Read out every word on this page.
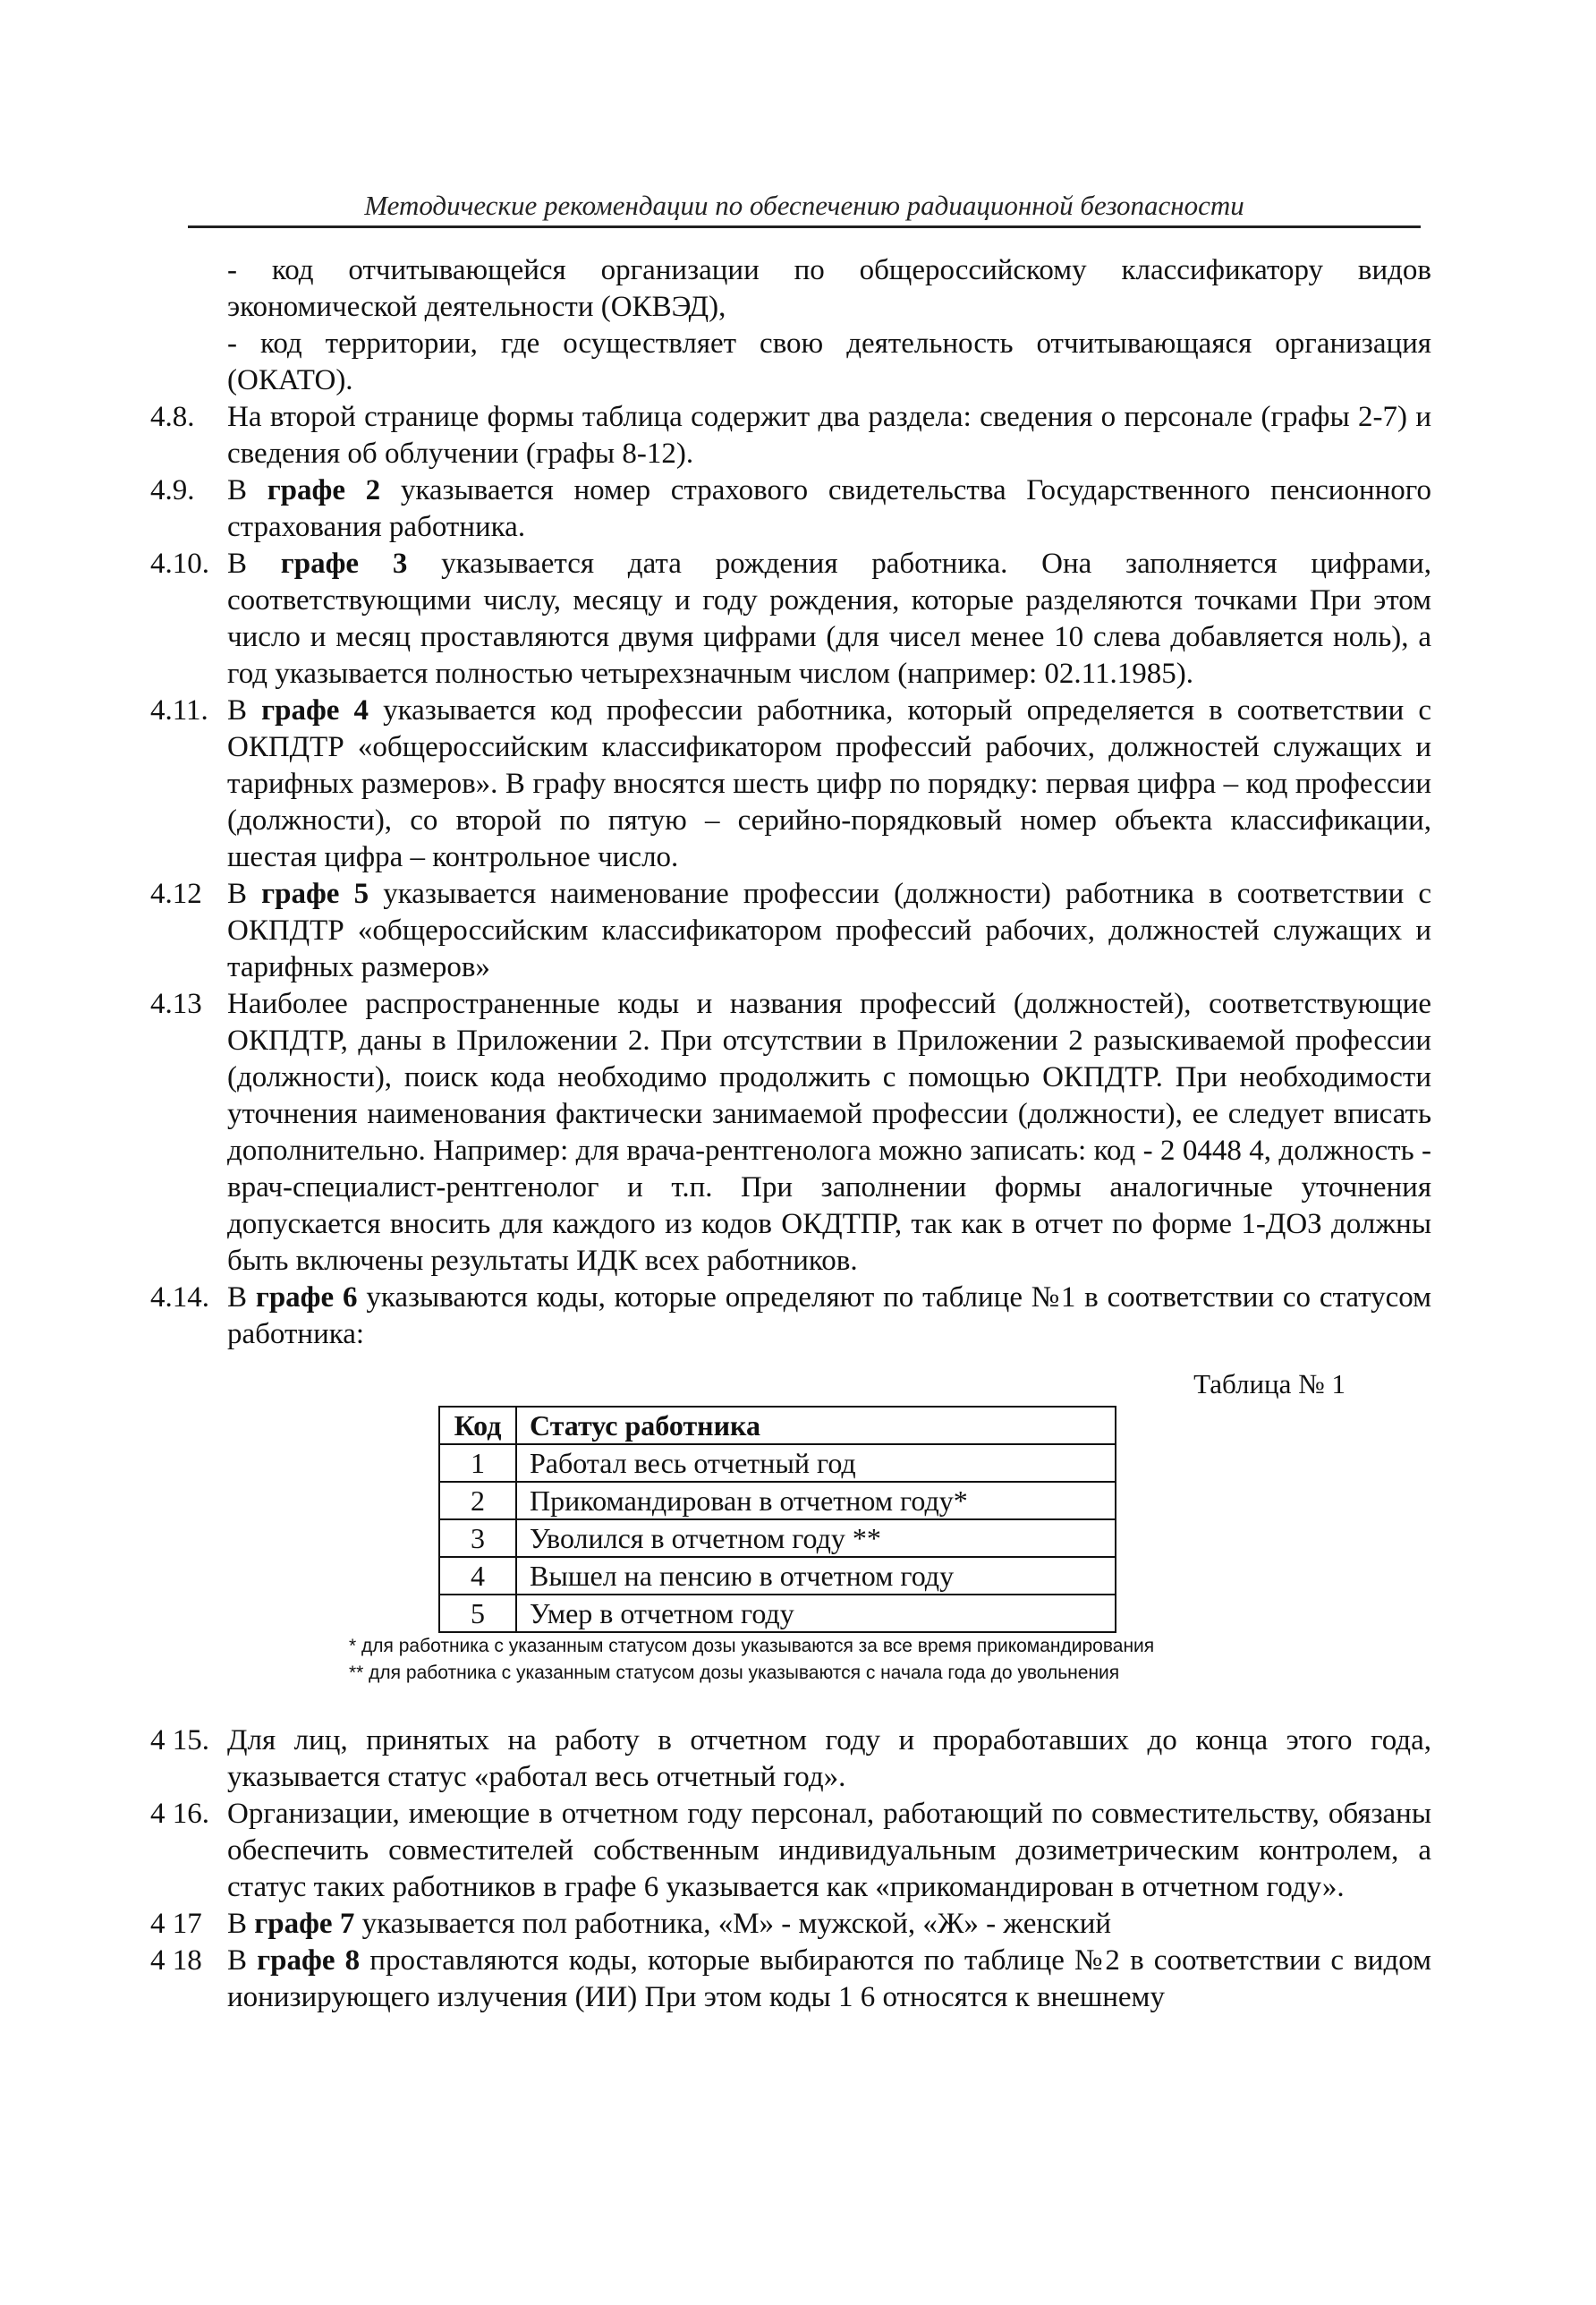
Методические рекомендации по обеспечению радиационной безопасности
- код отчитывающейся организации по общероссийскому классификатору видов экономической деятельности (ОКВЭД),
- код территории, где осуществляет свою деятельность отчитывающаяся организация (ОКАТО).
4.8.	На второй странице формы таблица содержит два раздела: сведения о персонале (графы 2-7) и сведения об облучении (графы 8-12).
4.9.	В графе 2 указывается номер страхового свидетельства Государственного пенсионного страхования работника.
4.10. В графе 3 указывается дата рождения работника. Она заполняется цифрами, соответствующими числу, месяцу и году рождения, которые разделяются точками При этом число и месяц проставляются двумя цифрами (для чисел менее 10 слева добавляется ноль), а год указывается полностью четырехзначным числом (например: 02.11.1985).
4.11. В графе 4 указывается код профессии работника, который определяется в соответствии с ОКПДТР «общероссийским классификатором профессий рабочих, должностей служащих и тарифных размеров». В графу вносятся шесть цифр по порядку: первая цифра – код профессии (должности), со второй по пятую – серийно-порядковый номер объекта классификации, шестая цифра – контрольное число.
4.12 В графе 5 указывается наименование профессии (должности) работника в соответствии с ОКПДТР «общероссийским классификатором профессий рабочих, должностей служащих и тарифных размеров»
4.13 Наиболее распространенные коды и названия профессий (должностей), соответствующие ОКПДТР, даны в Приложении 2. При отсутствии в Приложении 2 разыскиваемой профессии (должности), поиск кода необходимо продолжить с помощью ОКПДТР. При необходимости уточнения наименования фактически занимаемой профессии (должности), ее следует вписать дополнительно. Например: для врача-рентгенолога можно записать: код - 2 0448 4, должность - врач-специалист-рентгенолог и т.п. При заполнении формы аналогичные уточнения допускается вносить для каждого из кодов ОКДТПР, так как в отчет по форме 1-ДОЗ должны быть включены результаты ИДК всех работников.
4.14. В графе 6 указываются коды, которые определяют по таблице №1 в соответствии со статусом работника:
Таблица № 1
Код	Статус работника
1	Работал весь отчетный год
2	Прикомандирован в отчетном году*
3	Уволился в отчетном году **
4	Вышел на пенсию в отчетном году
5	Умер в отчетном году
* для работника с указанным статусом дозы указываются за все время прикомандирования
** для работника с указанным статусом дозы указываются с начала года до увольнения
4 15. Для лиц, принятых на работу в отчетном году и проработавших до конца этого года, указывается статус «работал весь отчетный год».
4 16. Организации, имеющие в отчетном году персонал, работающий по совместительству, обязаны обеспечить совместителей собственным индивидуальным дозиметрическим контролем, а статус таких работников в графе 6 указывается как «прикомандирован в отчетном году».
4 17 В графе 7 указывается пол работника, «М» - мужской, «Ж» - женский
4 18 В графе 8 проставляются коды, которые выбираются по таблице №2 в соответствии с видом ионизирующего излучения (ИИ) При этом коды 1 6 относятся к внешнему
